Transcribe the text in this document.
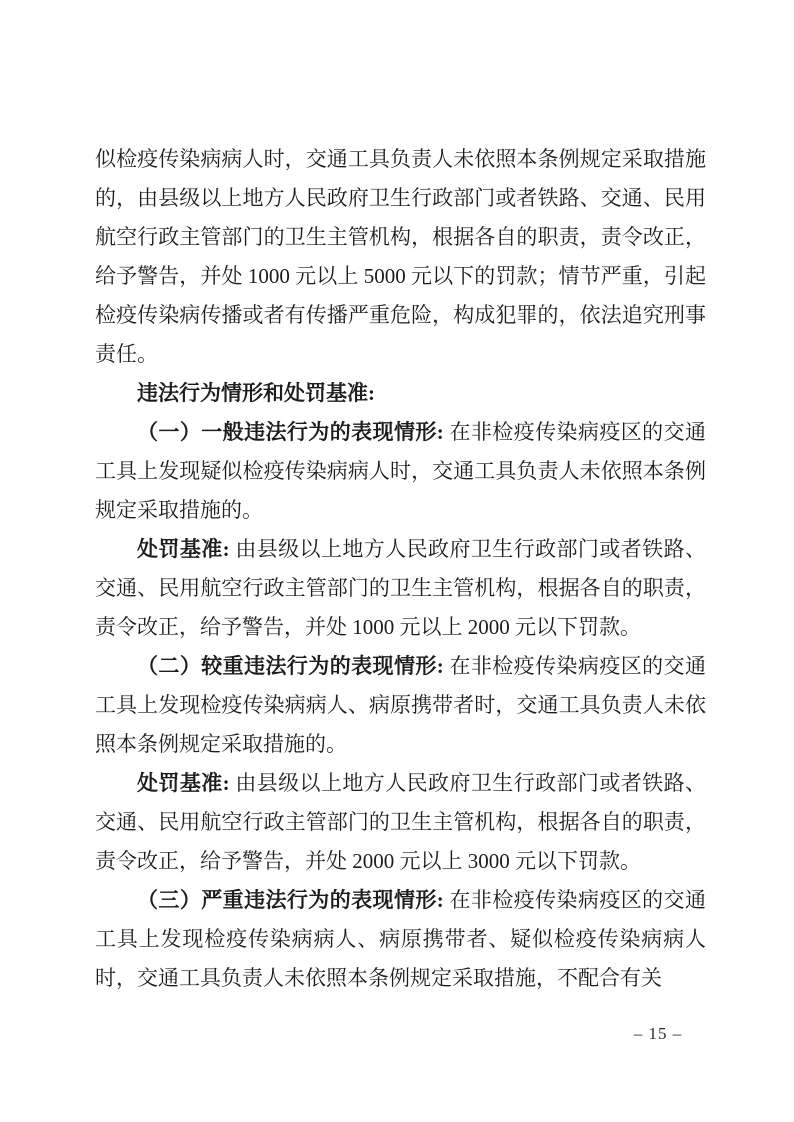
似检疫传染病病人时，交通工具负责人未依照本条例规定采取措施的，由县级以上地方人民政府卫生行政部门或者铁路、交通、民用航空行政主管部门的卫生主管机构，根据各自的职责，责令改正，给予警告，并处 1000 元以上 5000 元以下的罚款；情节严重，引起检疫传染病传播或者有传播严重危险，构成犯罪的，依法追究刑事责任。

违法行为情形和处罚基准:

（一）一般违法行为的表现情形: 在非检疫传染病疫区的交通工具上发现疑似检疫传染病病人时，交通工具负责人未依照本条例规定采取措施的。

处罚基准: 由县级以上地方人民政府卫生行政部门或者铁路、交通、民用航空行政主管部门的卫生主管机构，根据各自的职责，责令改正，给予警告，并处 1000 元以上 2000 元以下罚款。

（二）较重违法行为的表现情形: 在非检疫传染病疫区的交通工具上发现检疫传染病病人、病原携带者时，交通工具负责人未依照本条例规定采取措施的。

处罚基准: 由县级以上地方人民政府卫生行政部门或者铁路、交通、民用航空行政主管部门的卫生主管机构，根据各自的职责，责令改正，给予警告，并处 2000 元以上 3000 元以下罚款。

（三）严重违法行为的表现情形: 在非检疫传染病疫区的交通工具上发现检疫传染病病人、病原携带者、疑似检疫传染病病人时，交通工具负责人未依照本条例规定采取措施，不配合有关

– 15 –
